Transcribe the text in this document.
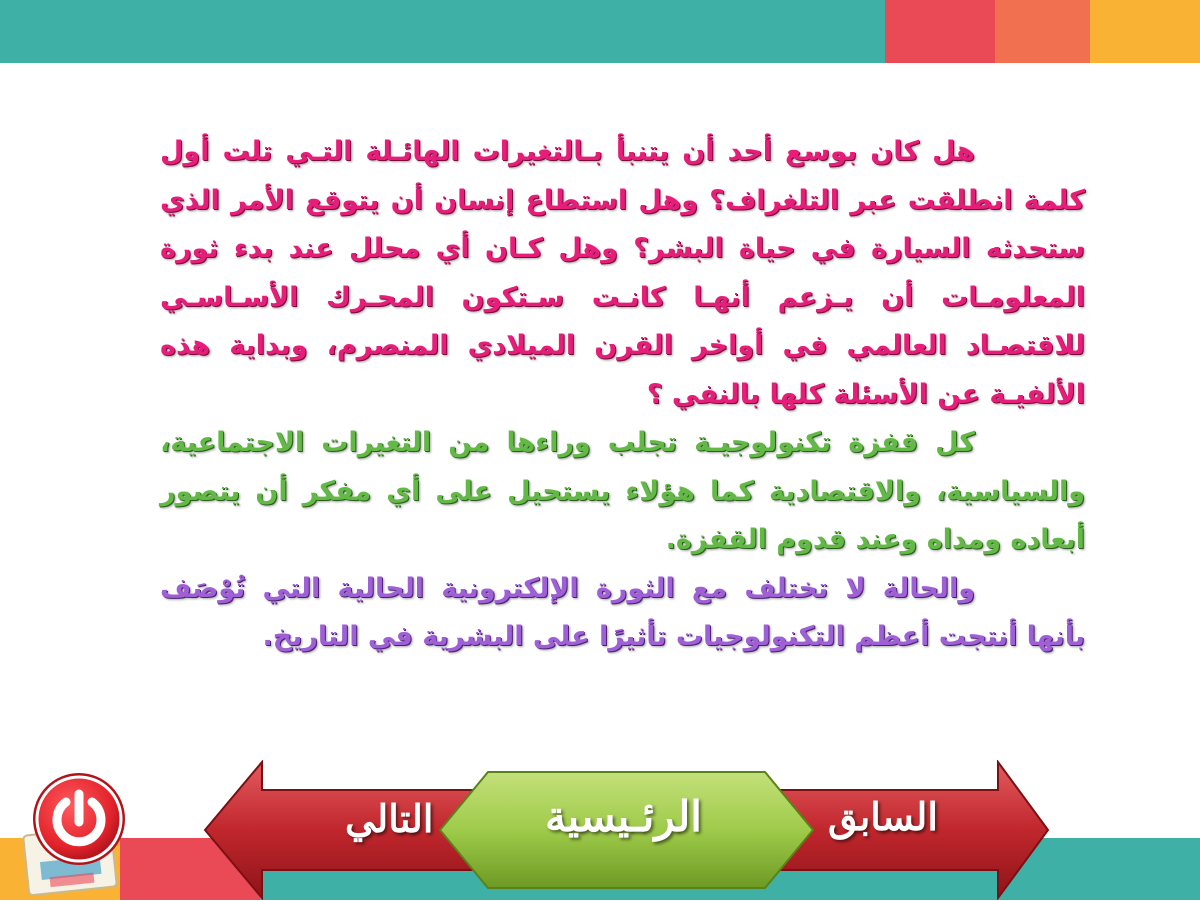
هل كان بوسع أحد أن يتنبأ بـالتغيرات الهائـلة التـي تلت أول كلمة انطلقت عبر التلغراف؟ وهل استطاع إنسان أن يتوقع الأمر الذي ستحدثه السيارة في حياة البشر؟ وهل كـان أي محلل عند بدء ثورة المعلومـات أن يـزعم أنهـا كانـت سـتكون المحـرك الأسـاسـي للاقتصـاد العالمي في أواخر القرن الميلادي المنصرم، وبداية هذه الألفيـة عن الأسئلة كلها بالنفي ؟

كل قفزة تكنولوجيـة تجلب وراءها من التغيرات الاجتماعية، والسياسية، والاقتصادية كما هؤلاء يستحيل على أي مفكر أن يتصور أبعاده ومداه وعند قدوم القفزة.

والحالة لا تختلف مع الثورة الإلكترونية الحالية التي تُوْصَف بأنها أنتجت أعظم التكنولوجيات تأثيرًا على البشرية في التاريخ.

السابق
الرئـيسية
التالي
